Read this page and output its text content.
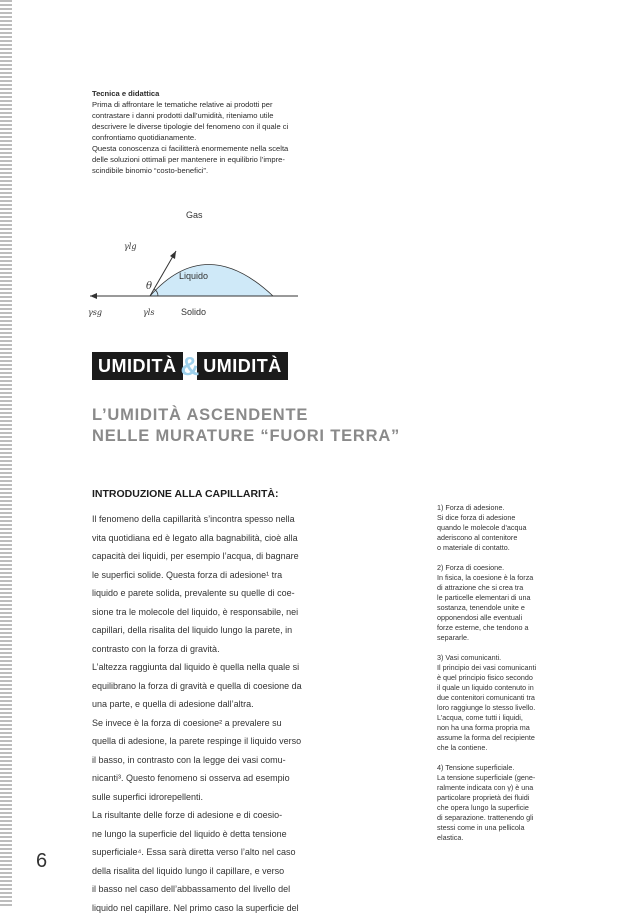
Tecnica e didattica

Prima di affrontare le tematiche relative ai prodotti per

contrastare i danni prodotti dall’umidità, riteniamo utile

descrivere le diverse tipologie del fenomeno con il quale ci

confrontiamo quotidianamente.

Questa conoscenza ci facilitterà enormemente nella scelta

delle soluzioni ottimali per mantenere in equilibrio l’impre-

scindibile binomio “costo-benefici”.

Gas
Liquido
Solido
θ
γlg
γsg	γls
UMIDITÀ & UMIDITÀ
L’UMIDITÀ ASCENDENTE
NELLE MURATURE “FUORI TERRA”
INTRODUZIONE ALLA CAPILLARITÀ:
Il fenomeno della capillarità s’incontra spesso nella
vita quotidiana ed è legato alla bagnabilità, cioè alla
capacità dei liquidi, per esempio l’acqua, di bagnare
le superfici solide. Questa forza di adesione¹ tra
liquido e parete solida, prevalente su quelle di coe-
sione tra le molecole del liquido, è responsabile, nei
capillari, della risalita del liquido lungo la parete, in
contrasto con la forza di gravità.
L’altezza raggiunta dal liquido è quella nella quale si
equilibrano la forza di gravità e quella di coesione da
una parte, e quella di adesione dall’altra.
Se invece è la forza di coesione² a prevalere su
quella di adesione, la parete respinge il liquido verso
il basso, in contrasto con la legge dei vasi comu-
nicanti³. Questo fenomeno si osserva ad esempio
sulle superfici idrorepellenti.
La risultante delle forze di adesione e di coesio-
ne lungo la superficie del liquido è detta tensione
superficiale⁴. Essa sarà diretta verso l’alto nel caso
della risalita del liquido lungo il capillare, e verso
il basso nel caso dell’abbassamento del livello del
liquido nel capillare. Nel primo caso la superficie del
1) Forza di adesione.
Si dice forza di adesione
quando le molecole d’acqua
aderiscono al contenitore
o materiale di contatto.
2) Forza di coesione.
In fisica, la coesione è la forza
di attrazione che si crea tra
le particelle elementari di una
sostanza, tenendole unite e
opponendosi alle eventuali
forze esterne, che tendono a
separarle.
3) Vasi comunicanti.
Il principio dei vasi comunicanti
è quel principio fisico secondo
il quale un liquido contenuto in
due contenitori comunicanti tra
loro raggiunge lo stesso livello.
L’acqua, come tutti i liquidi,
non ha una forma propria ma
assume la forma del recipiente
che la contiene.
4) Tensione superficiale.
La tensione superficiale (gene-
ralmente indicata con γ) è una
particolare proprietà dei fluidi
che opera lungo la superficie
di separazione. trattenendo gli
stessi come in una pellicola
elastica.
6
